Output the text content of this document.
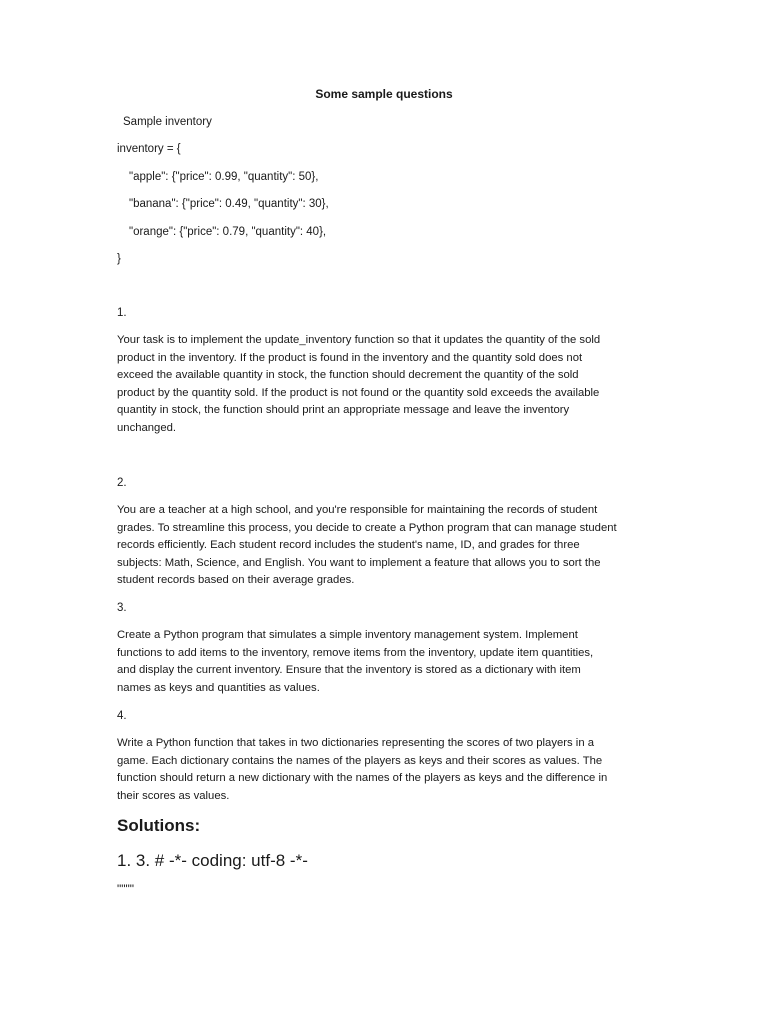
Some sample questions
Sample inventory
inventory = {
"apple": {"price": 0.99, "quantity": 50},
"banana": {"price": 0.49, "quantity": 30},
"orange": {"price": 0.79, "quantity": 40},
}
1.
Your task is to implement the update_inventory function so that it updates the quantity of the sold
product in the inventory. If the product is found in the inventory and the quantity sold does not
exceed the available quantity in stock, the function should decrement the quantity of the sold
product by the quantity sold. If the product is not found or the quantity sold exceeds the available
quantity in stock, the function should print an appropriate message and leave the inventory
unchanged.
2.
You are a teacher at a high school, and you're responsible for maintaining the records of student
grades. To streamline this process, you decide to create a Python program that can manage student
records efficiently. Each student record includes the student's name, ID, and grades for three
subjects: Math, Science, and English. You want to implement a feature that allows you to sort the
student records based on their average grades.
3.
Create a Python program that simulates a simple inventory management system. Implement
functions to add items to the inventory, remove items from the inventory, update item quantities,
and display the current inventory. Ensure that the inventory is stored as a dictionary with item
names as keys and quantities as values.
4.
Write a Python function that takes in two dictionaries representing the scores of two players in a
game. Each dictionary contains the names of the players as keys and their scores as values. The
function should return a new dictionary with the names of the players as keys and the difference in
their scores as values.
Solutions:
1. 3. # -*- coding: utf-8 -*-
""""
